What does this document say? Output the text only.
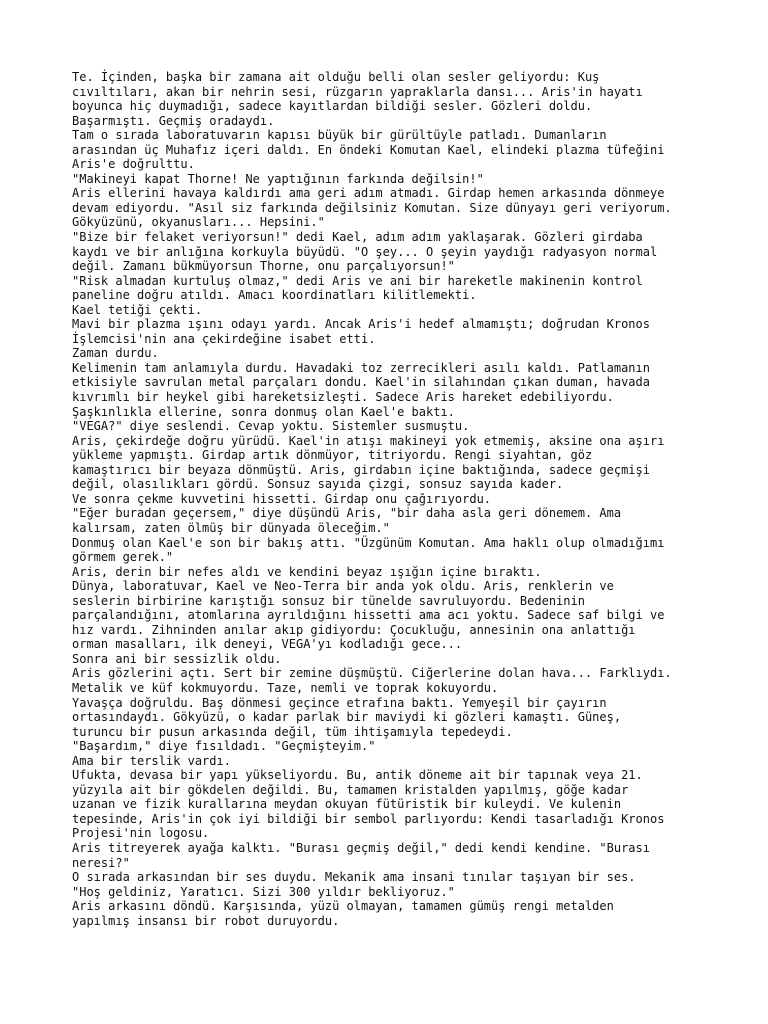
Te. İçinden, başka bir zamana ait olduğu belli olan sesler geliyordu: Kuş
cıvıltıları, akan bir nehrin sesi, rüzgarın yapraklarla dansı... Aris'in hayatı
boyunca hiç duymadığı, sadece kayıtlardan bildiği sesler. Gözleri doldu.
Başarmıştı. Geçmiş oradaydı.

Tam o sırada laboratuvarın kapısı büyük bir gürültüyle patladı. Dumanların
arasından üç Muhafız içeri daldı. En öndeki Komutan Kael, elindeki plazma tüfeğini
Aris'e doğrulttu.

"Makineyi kapat Thorne! Ne yaptığının farkında değilsin!"

Aris ellerini havaya kaldırdı ama geri adım atmadı. Girdap hemen arkasında dönmeye
devam ediyordu. "Asıl siz farkında değilsiniz Komutan. Size dünyayı geri veriyorum.
Gökyüzünü, okyanusları... Hepsini."

"Bize bir felaket veriyorsun!" dedi Kael, adım adım yaklaşarak. Gözleri girdaba
kaydı ve bir anlığına korkuyla büyüdü. "O şey... O şeyin yaydığı radyasyon normal
değil. Zamanı bükmüyorsun Thorne, onu parçalıyorsun!"

"Risk almadan kurtuluş olmaz," dedi Aris ve ani bir hareketle makinenin kontrol
paneline doğru atıldı. Amacı koordinatları kilitlemekti.

Kael tetiği çekti.

Mavi bir plazma ışını odayı yardı. Ancak Aris'i hedef almamıştı; doğrudan Kronos
İşlemcisi'nin ana çekirdeğine isabet etti.

Zaman durdu.

Kelimenin tam anlamıyla durdu. Havadaki toz zerrecikleri asılı kaldı. Patlamanın
etkisiyle savrulan metal parçaları dondu. Kael'in silahından çıkan duman, havada
kıvrımlı bir heykel gibi hareketsizleşti. Sadece Aris hareket edebiliyordu.
Şaşkınlıkla ellerine, sonra donmuş olan Kael'e baktı.

"VEGA?" diye seslendi. Cevap yoktu. Sistemler susmuştu.

Aris, çekirdeğe doğru yürüdü. Kael'in atışı makineyi yok etmemiş, aksine ona aşırı
yükleme yapmıştı. Girdap artık dönmüyor, titriyordu. Rengi siyahtan, göz
kamaştırıcı bir beyaza dönmüştü. Aris, girdabın içine baktığında, sadece geçmişi
değil, olasılıkları gördü. Sonsuz sayıda çizgi, sonsuz sayıda kader.

Ve sonra çekme kuvvetini hissetti. Girdap onu çağırıyordu.

"Eğer buradan geçersem," diye düşündü Aris, "bir daha asla geri dönemem. Ama
kalırsam, zaten ölmüş bir dünyada öleceğim."

Donmuş olan Kael'e son bir bakış attı. "Üzgünüm Komutan. Ama haklı olup olmadığımı
görmem gerek."

Aris, derin bir nefes aldı ve kendini beyaz ışığın içine bıraktı.

Dünya, laboratuvar, Kael ve Neo-Terra bir anda yok oldu. Aris, renklerin ve
seslerin birbirine karıştığı sonsuz bir tünelde savruluyordu. Bedeninin
parçalandığını, atomlarına ayrıldığını hissetti ama acı yoktu. Sadece saf bilgi ve
hız vardı. Zihninden anılar akıp gidiyordu: Çocukluğu, annesinin ona anlattığı
orman masalları, ilk deneyi, VEGA'yı kodladığı gece...

Sonra ani bir sessizlik oldu.

Aris gözlerini açtı. Sert bir zemine düşmüştü. Ciğerlerine dolan hava... Farklıydı.
Metalik ve küf kokmuyordu. Taze, nemli ve toprak kokuyordu.

Yavaşça doğruldu. Baş dönmesi geçince etrafına baktı. Yemyeşil bir çayırın
ortasındaydı. Gökyüzü, o kadar parlak bir maviydi ki gözleri kamaştı. Güneş,
turuncu bir pusun arkasında değil, tüm ihtişamıyla tepedeydi.

"Başardım," diye fısıldadı. "Geçmişteyim."

Ama bir terslik vardı.

Ufukta, devasa bir yapı yükseliyordu. Bu, antik döneme ait bir tapınak veya 21.
yüzyıla ait bir gökdelen değildi. Bu, tamamen kristalden yapılmış, göğe kadar
uzanan ve fizik kurallarına meydan okuyan fütüristik bir kuleydi. Ve kulenin
tepesinde, Aris'in çok iyi bildiği bir sembol parlıyordu: Kendi tasarladığı Kronos
Projesi'nin logosu.

Aris titreyerek ayağa kalktı. "Burası geçmiş değil," dedi kendi kendine. "Burası
neresi?"

O sırada arkasından bir ses duydu. Mekanik ama insani tınılar taşıyan bir ses.

"Hoş geldiniz, Yaratıcı. Sizi 300 yıldır bekliyoruz."

Aris arkasını döndü. Karşısında, yüzü olmayan, tamamen gümüş rengi metalden
yapılmış insansı bir robot duruyordu.
